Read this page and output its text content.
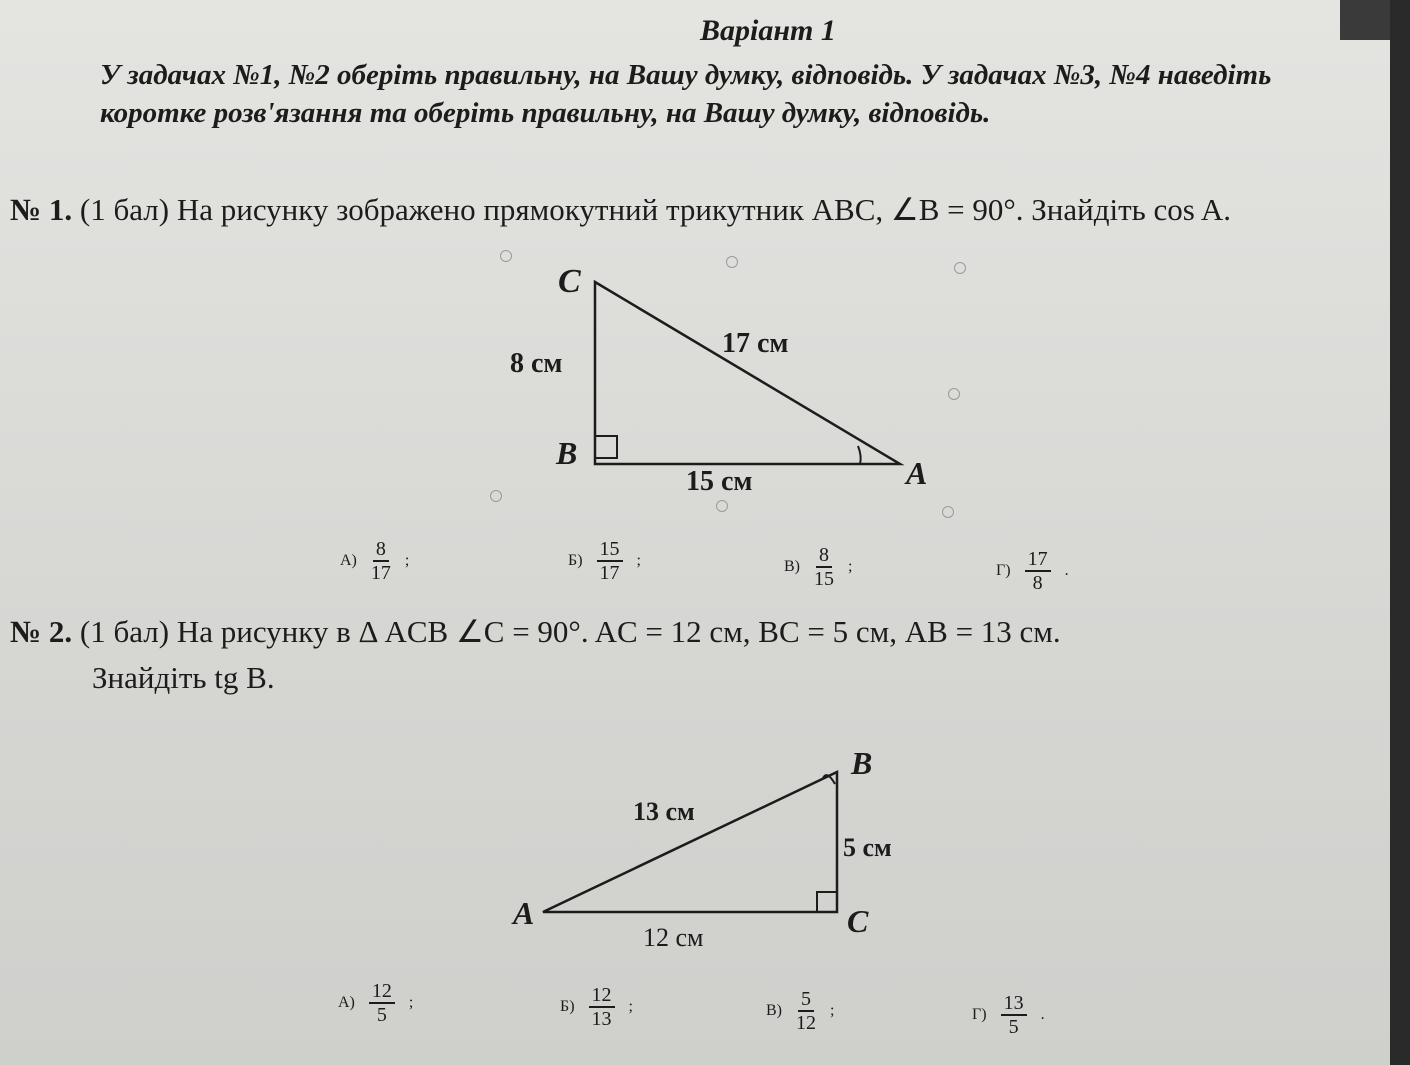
Варіант 1
У задачах №1, №2 оберіть правильну, на Вашу думку, відповідь. У задачах №3, №4 наведіть коротке розв'язання та оберіть правильну, на Вашу думку, відповідь.
№ 1. (1 бал) На рисунку зображено прямокутний трикутник ABC, ∠B = 90°. Знайдіть cos A.
C
B
A
8 см
17 см
15 см
$А) \frac{8}{17}$ ;	$Б) \frac{15}{17}$ ;	$В) \frac{8}{15}$ ;	$Г) \frac{17}{8}$ .
№ 2. (1 бал) На рисунку в Δ ACB ∠C = 90°. AC = 12 см, BC = 5 см, AB = 13 см.
Знайдіть tg B.
B
A	C
13 см
5 см
12 см
$А) \frac{12}{5}$ ;	$Б) \frac{12}{13}$ ;	$В) \frac{5}{12}$ ;	$Г) \frac{13}{5}$ .
